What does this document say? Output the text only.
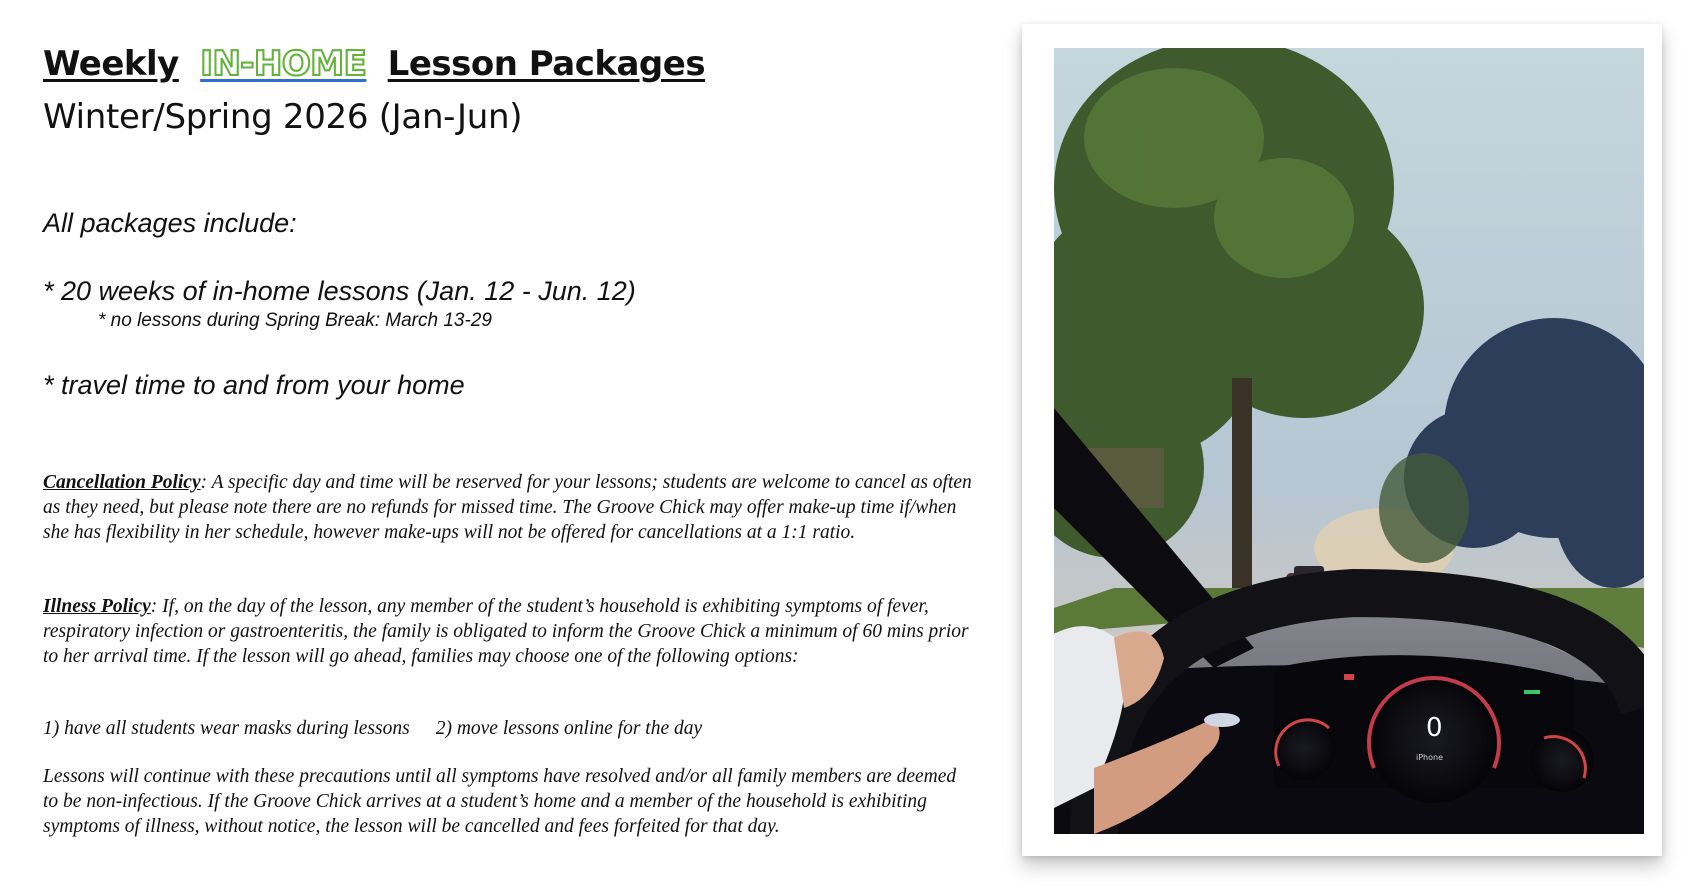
Weekly IN-HOME Lesson Packages
Winter/Spring 2026 (Jan-Jun)
All packages include:
* 20 weeks of in-home lessons (Jan. 12 - Jun. 12)
* no lessons during Spring Break: March 13-29
* travel time to and from your home
Cancellation Policy: A specific day and time will be reserved for your lessons; students are welcome to cancel as often as they need, but please note there are no refunds for missed time. The Groove Chick may offer make-up time if/when she has flexibility in her schedule, however make-ups will not be offered for cancellations at a 1:1 ratio.
Illness Policy: If, on the day of the lesson, any member of the student’s household is exhibiting symptoms of fever, respiratory infection or gastroenteritis, the family is obligated to inform the Groove Chick a minimum of 60 mins prior to her arrival time. If the lesson will go ahead, families may choose one of the following options:
1) have all students wear masks during lessons 2) move lessons online for the day
Lessons will continue with these precautions until all symptoms have resolved and/or all family members are deemed to be non-infectious. If the Groove Chick arrives at a student’s home and a member of the household is exhibiting symptoms of illness, without notice, the lesson will be cancelled and fees forfeited for that day.
0
iPhone
